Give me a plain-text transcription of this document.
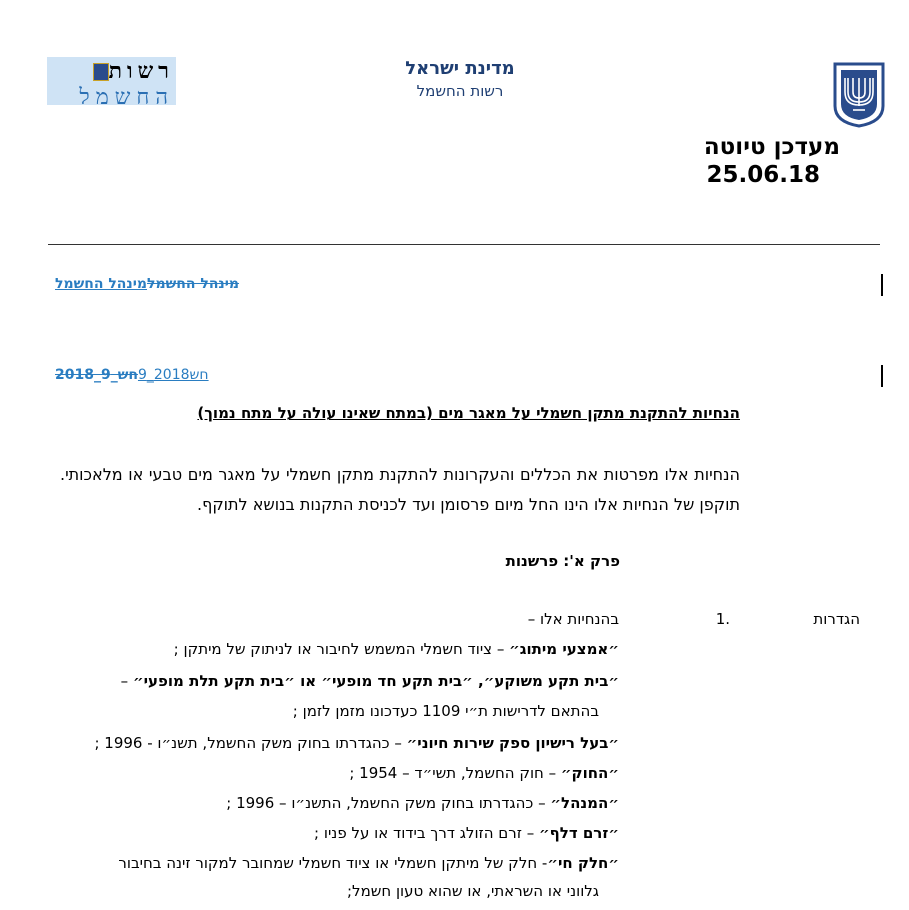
רשות
החשמל
מדינת ישראל
רשות החשמל
מעדכן טיוטה
25.06.18
מינהל החשמלמינהל החשמל
חש2018_9חש_9_2018
הנחיות להתקנת מתקן חשמלי על מאגר מים (במתח שאינו עולה על מתח נמוך)
הנחיות אלו מפרטות את הכללים והעקרונות להתקנת מתקן חשמלי על מאגר מים טבעי או מלאכותי. תוקפן של הנחיות אלו הינו החל מיום פרסומן ועד לכניסת התקנות בנושא לתוקף.
פרק א': פרשנות
הגדרות
1.
בהנחיות אלו –
״אמצעי מיתוג״ – ציוד חשמלי המשמש לחיבור או לניתוק של מיתקן ;
״בית תקע משוקע״, ״בית תקע חד מופעי״ או ״בית תקע תלת מופעי״ –
בהתאם לדרישות ת״י 1109 כעדכונו מזמן לזמן ;
״בעל רישיון ספק שירות חיוני״ – כהגדרתו בחוק משק החשמל, תשנ״ו - 1996 ;
״החוק״ – חוק החשמל, תשי״ד – 1954 ;
״המנהל״ – כהגדרתו בחוק משק החשמל, התשנ״ו – 1996 ;
״זרם דלף״ – זרם הזולג דרך בידוד או על פניו ;
״חלק חי״- חלק של מיתקן חשמלי או ציוד חשמלי שמחובר למקור זינה בחיבור
גלווני או השראתי, או שהוא טעון חשמל;
